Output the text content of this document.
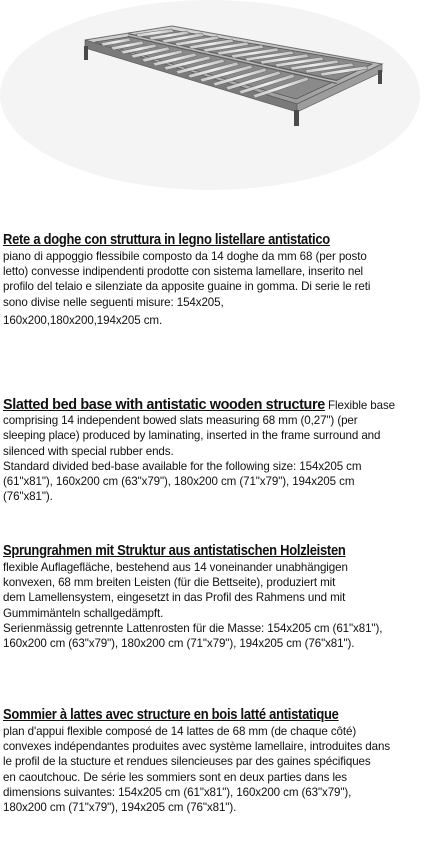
Rete a doghe con struttura in legno listellare antistatico
piano di appoggio flessibile composto da 14 doghe da mm 68 (per posto
letto) convesse indipendenti prodotte con sistema lamellare, inserito nel
profilo del telaio e silenziate da apposite guaine in gomma. Di serie le reti
sono divise nelle seguenti misure: 154x205,
160x200,180x200,194x205 cm.
Slatted bed base with antistatic wooden structure Flexible base
comprising 14 independent bowed slats measuring 68 mm (0,27") (per
sleeping place) produced by laminating, inserted in the frame surround and
silenced with special rubber ends.
Standard divided bed-base available for the following size: 154x205 cm
(61"x81"), 160x200 cm (63"x79"), 180x200 cm (71"x79"), 194x205 cm
(76"x81").
Sprungrahmen mit Struktur aus antistatischen Holzleisten
flexible Auflagefläche, bestehend aus 14 voneinander unabhängigen
konvexen, 68 mm breiten Leisten (für die Bettseite), produziert mit
dem Lamellensystem, eingesetzt in das Profil des Rahmens und mit
Gummimänteln schallgedämpft.
Serienmässig getrennte Lattenrosten für die Masse: 154x205 cm (61"x81"),
160x200 cm (63"x79"), 180x200 cm (71"x79"), 194x205 cm (76"x81").
Sommier à lattes avec structure en bois latté antistatique
plan d'appui flexible composé de 14 lattes de 68 mm (de chaque côté)
convexes indépendantes produites avec système lamellaire, introduites dans
le profil de la stucture et rendues silencieuses par des gaines spécifiques
en caoutchouc. De série les sommiers sont en deux parties dans les
dimensions suivantes: 154x205 cm (61"x81"), 160x200 cm (63"x79"),
180x200 cm (71"x79"), 194x205 cm (76"x81").
